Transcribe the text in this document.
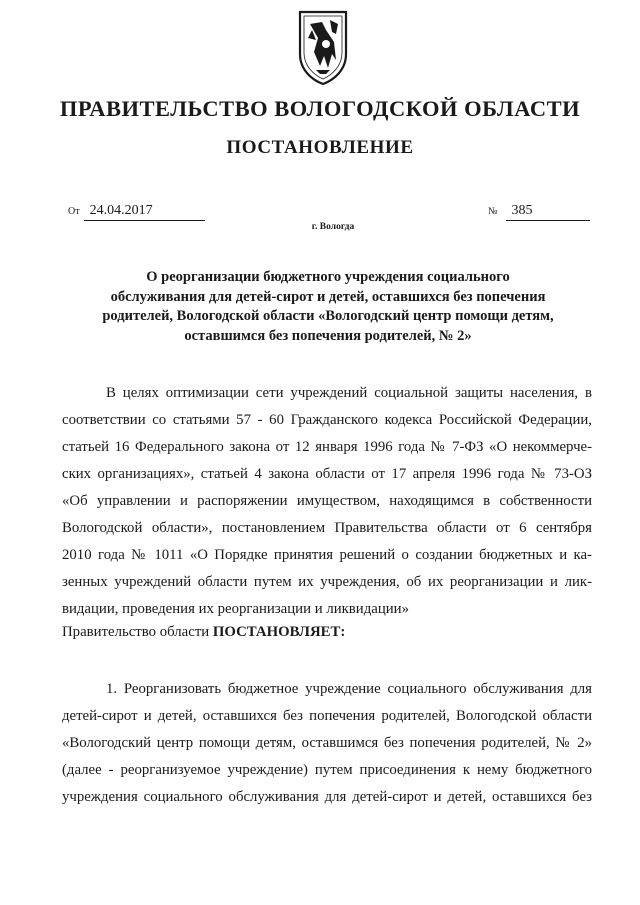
ПРАВИТЕЛЬСТВО ВОЛОГОДСКОЙ ОБЛАСТИ
ПОСТАНОВЛЕНИЕ
От 24.04.2017	№ 385
г. Вологда
О реорганизации бюджетного учреждения социального
обслуживания для детей-сирот и детей, оставшихся без попечения
родителей, Вологодской области «Вологодский центр помощи детям,
оставшимся без попечения родителей, № 2»
В целях оптимизации сети учреждений социальной защиты населения, в
соответствии со статьями 57 - 60 Гражданского кодекса Российской Федерации,
статьей 16 Федерального закона от 12 января 1996 года № 7-ФЗ «О некоммерче-
ских организациях», статьей 4 закона области от 17 апреля 1996 года № 73-ОЗ
«Об управлении и распоряжении имуществом, находящимся в собственности
Вологодской области», постановлением Правительства области от 6 сентября
2010 года № 1011 «О Порядке принятия решений о создании бюджетных и ка-
зенных учреждений области путем их учреждения, об их реорганизации и лик-
видации, проведения их реорганизации и ликвидации»
Правительство области ПОСТАНОВЛЯЕТ:
1. Реорганизовать бюджетное учреждение социального обслуживания для
детей-сирот и детей, оставшихся без попечения родителей, Вологодской области
«Вологодский центр помощи детям, оставшимся без попечения родителей, № 2»
(далее - реорганизуемое учреждение) путем присоединения к нему бюджетного
учреждения социального обслуживания для детей-сирот и детей, оставшихся без
